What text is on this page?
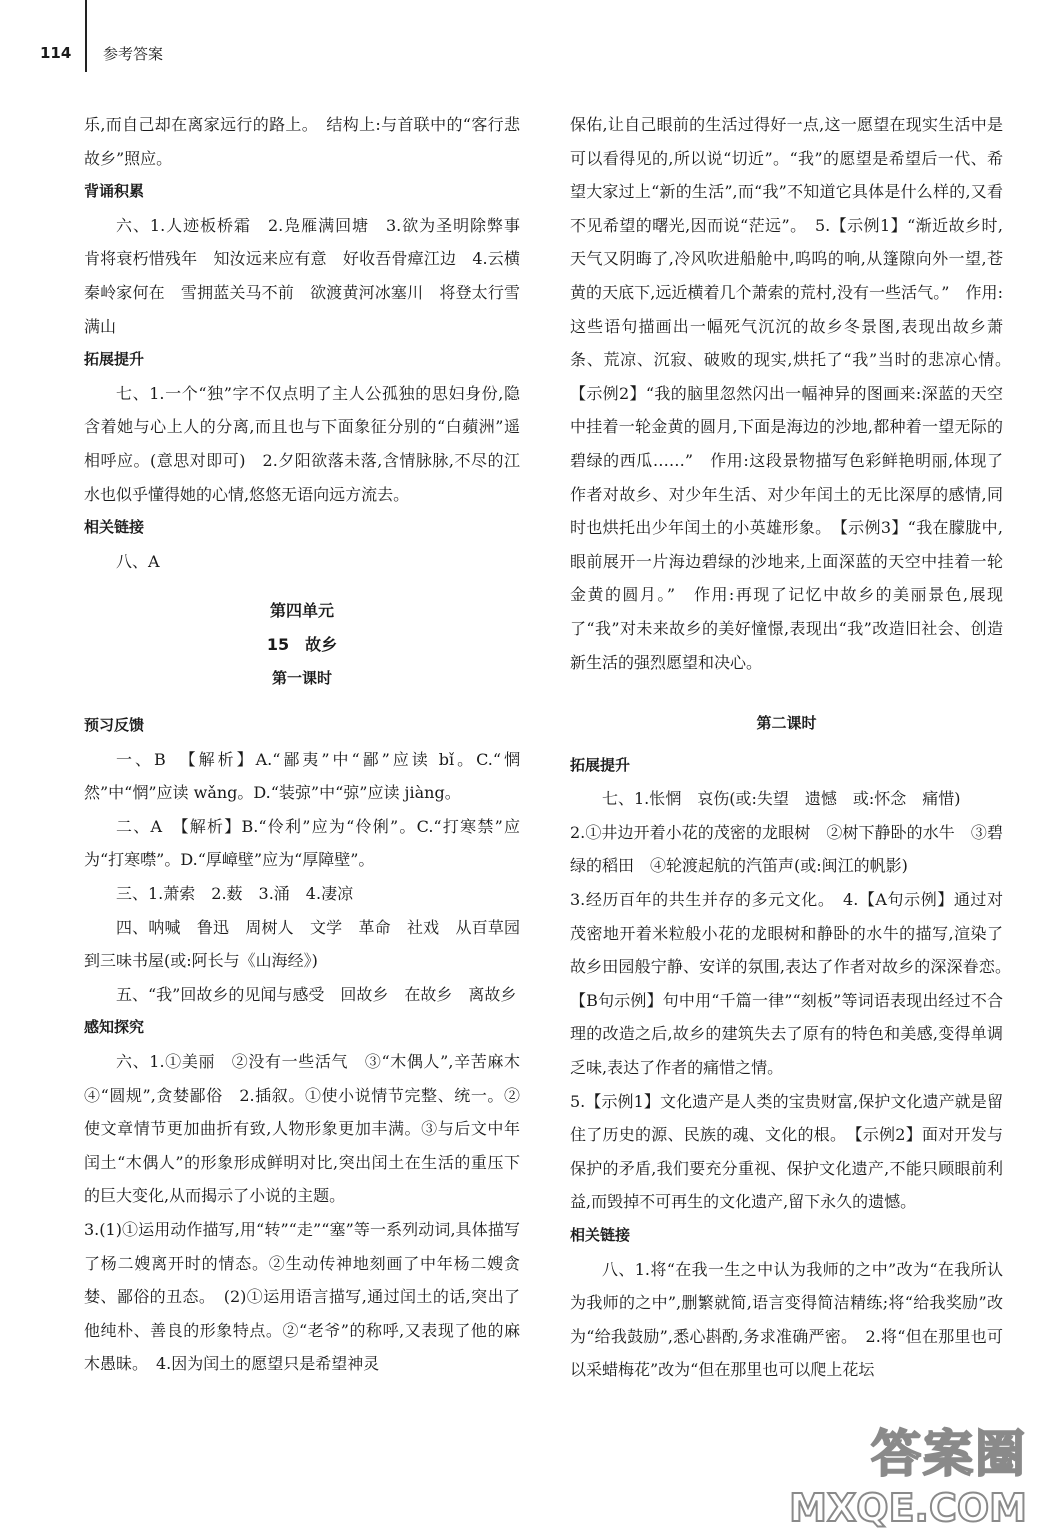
114 参考答案

乐,而自己却在离家远行的路上。　结构上:与首联中的“客行悲故乡”照应。

背诵积累

六、1.人迹板桥霜　2.凫雁满回塘　3.欲为圣明除弊事　肯将衰朽惜残年　知汝远来应有意　好收吾骨瘴江边　4.云横秦岭家何在　雪拥蓝关马不前　欲渡黄河冰塞川　将登太行雪满山

拓展提升

七、1.一个“独”字不仅点明了主人公孤独的思妇身份,隐含着她与心上人的分离,而且也与下面象征分别的“白蘋洲”遥相呼应。(意思对即可)　2.夕阳欲落未落,含情脉脉,不尽的江水也似乎懂得她的心情,悠悠无语向远方流去。

相关链接

八、A

第四单元

15　故乡

第一课时

预习反馈

一、B　【解析】A.“鄙夷”中“鄙”应读 bǐ。C.“惘然”中“惘”应读 wǎng。D.“装弶”中“弶”应读 jiàng。

二、A　【解析】B.“伶利”应为“伶俐”。C.“打寒禁”应为“打寒噤”。D.“厚嶂壁”应为“厚障壁”。

三、1.萧索　2.薮　3.涌　4.凄凉

四、呐喊　鲁迅　周树人　文学　革命　社戏　从百草园到三味书屋(或:阿长与《山海经》)

五、“我”回故乡的见闻与感受　回故乡　在故乡　离故乡

感知探究

六、1.①美丽　②没有一些活气　③“木偶人”,辛苦麻木　④“圆规”,贪婪鄙俗　2.插叙。①使小说情节完整、统一。②使文章情节更加曲折有致,人物形象更加丰满。③与后文中年闰土“木偶人”的形象形成鲜明对比,突出闰土在生活的重压下的巨大变化,从而揭示了小说的主题。

3.(1)①运用动作描写,用“转”“走”“塞”等一系列动词,具体描写了杨二嫂离开时的情态。②生动传神地刻画了中年杨二嫂贪婪、鄙俗的丑态。　(2)①运用语言描写,通过闰土的话,突出了他纯朴、善良的形象特点。②“老爷”的称呼,又表现了他的麻木愚昧。　4.因为闰土的愿望只是希望神灵

保佑,让自己眼前的生活过得好一点,这一愿望在现实生活中是可以看得见的,所以说“切近”。“我”的愿望是希望后一代、希望大家过上“新的生活”,而“我”不知道它具体是什么样的,又看不见希望的曙光,因而说“茫远”。　5.【示例1】“渐近故乡时,天气又阴晦了,冷风吹进船舱中,呜呜的响,从篷隙向外一望,苍黄的天底下,远近横着几个萧索的荒村,没有一些活气。”　作用:这些语句描画出一幅死气沉沉的故乡冬景图,表现出故乡萧条、荒凉、沉寂、破败的现实,烘托了“我”当时的悲凉心情。　【示例2】“我的脑里忽然闪出一幅神异的图画来:深蓝的天空中挂着一轮金黄的圆月,下面是海边的沙地,都种着一望无际的碧绿的西瓜……”　作用:这段景物描写色彩鲜艳明丽,体现了作者对故乡、对少年生活、对少年闰土的无比深厚的感情,同时也烘托出少年闰土的小英雄形象。　【示例3】“我在朦胧中,眼前展开一片海边碧绿的沙地来,上面深蓝的天空中挂着一轮金黄的圆月。”　作用:再现了记忆中故乡的美丽景色,展现了“我”对未来故乡的美好憧憬,表现出“我”改造旧社会、创造新生活的强烈愿望和决心。

第二课时

拓展提升

七、1.怅惘　哀伤(或:失望　遗憾　或:怀念　痛惜)

2.①井边开着小花的茂密的龙眼树　②树下静卧的水牛　③碧绿的稻田　④轮渡起航的汽笛声(或:闽江的帆影)

3.经历百年的共生并存的多元文化。　4.【A句示例】通过对茂密地开着米粒般小花的龙眼树和静卧的水牛的描写,渲染了故乡田园般宁静、安详的氛围,表达了作者对故乡的深深眷恋。　【B句示例】句中用“千篇一律”“刻板”等词语表现出经过不合理的改造之后,故乡的建筑失去了原有的特色和美感,变得单调乏味,表达了作者的痛惜之情。

5.【示例1】文化遗产是人类的宝贵财富,保护文化遗产就是留住了历史的源、民族的魂、文化的根。　【示例2】面对开发与保护的矛盾,我们要充分重视、保护文化遗产,不能只顾眼前利益,而毁掉不可再生的文化遗产,留下永久的遗憾。

相关链接

八、1.将“在我一生之中认为我师的之中”改为“在我所认为我师的之中”,删繁就简,语言变得简洁精练;将“给我奖励”改为“给我鼓励”,悉心斟酌,务求准确严密。　2.将“但在那里也可以采蜡梅花”改为“但在那里也可以爬上花坛

答案圈
MXQE.COM
